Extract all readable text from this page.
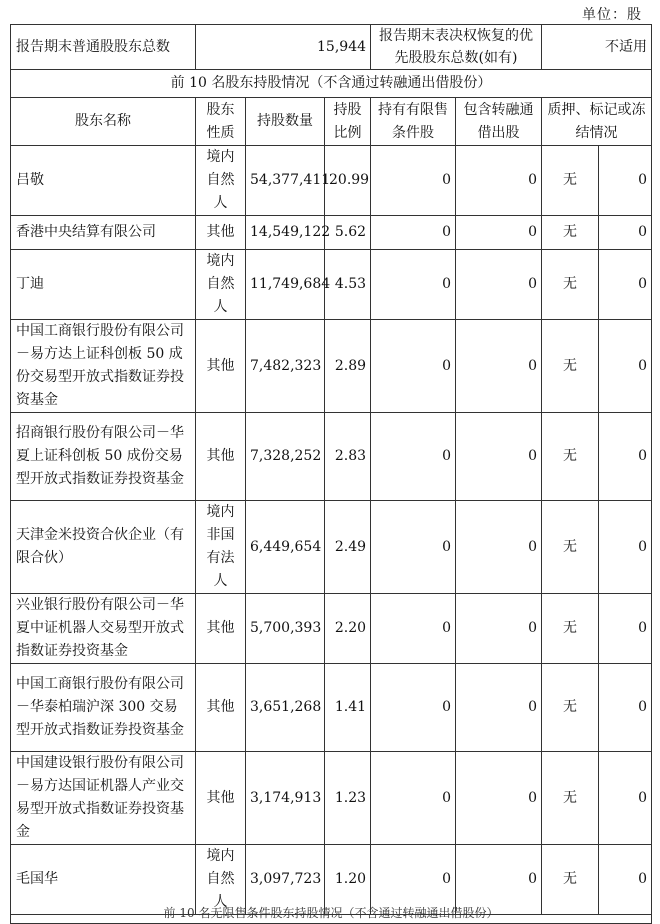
单位：股
报告期末普通股股东总数	15,944			报告期末表决权恢复的优先股股东总数(如有)		不适用	
前 10 名股东持股情况（不含通过转融通出借股份）							
股东名称	股东性质	持股数量	持股比例	持有有限售条件股	包含转融通借出股	质押、标记或冻结情况	
吕敬	境内自然人	54,377,411	20.99	0	0	无	0
香港中央结算有限公司	其他	14,549,122	5.62	0	0	无	0
丁迪	境内自然人	11,749,684	4.53	0	0	无	0
中国工商银行股份有限公司－易方达上证科创板 50 成份交易型开放式指数证券投资基金	其他	7,482,323	2.89	0	0	无	0
招商银行股份有限公司－华夏上证科创板 50 成份交易型开放式指数证券投资基金	其他	7,328,252	2.83	0	0	无	0
天津金米投资合伙企业（有限合伙）	境内非国有法人	6,449,654	2.49	0	0	无	0
兴业银行股份有限公司－华夏中证机器人交易型开放式指数证券投资基金	其他	5,700,393	2.20	0	0	无	0
中国工商银行股份有限公司－华泰柏瑞沪深 300 交易型开放式指数证券投资基金	其他	3,651,268	1.41	0	0	无	0
中国建设银行股份有限公司－易方达国证机器人产业交易型开放式指数证券投资基金	其他	3,174,913	1.23	0	0	无	0
毛国华	境内自然人	3,097,723	1.20	0	0	无	0

前 10 名无限售条件股东持股情况（不含通过转融通出借股份）							
